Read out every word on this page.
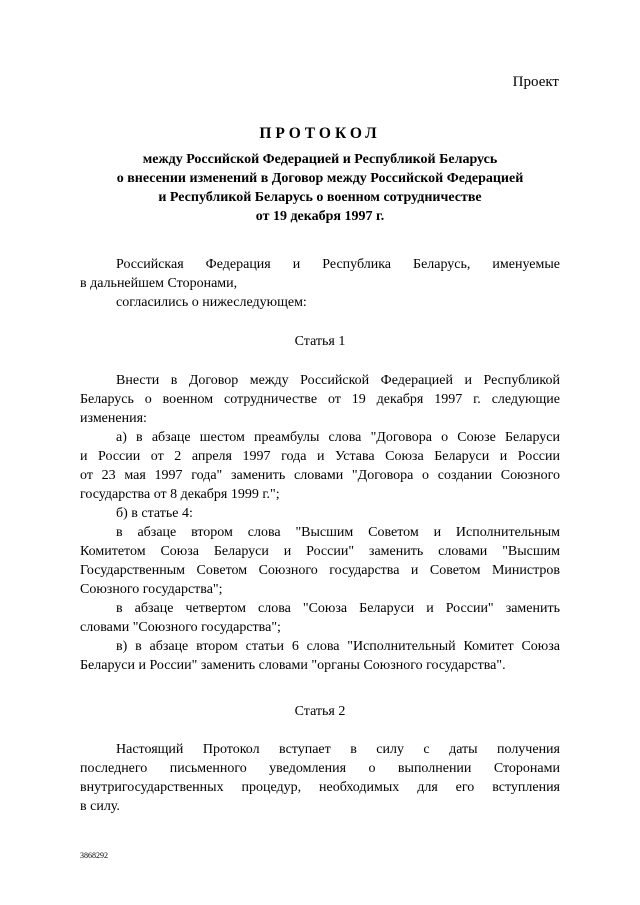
Проект
ПРОТОКОЛ
между Российской Федерацией и Республикой Беларусь
о внесении изменений в Договор между Российской Федерацией
и Республикой Беларусь о военном сотрудничестве
от 19 декабря 1997 г.
Российская Федерация и Республика Беларусь, именуемые
в дальнейшем Сторонами,
согласились о нижеследующем:
Статья 1
Внести в Договор между Российской Федерацией и Республикой
Беларусь о военном сотрудничестве от 19 декабря 1997 г. следующие
изменения:
а) в абзаце шестом преамбулы слова "Договора о Союзе Беларуси
и России от 2 апреля 1997 года и Устава Союза Беларуси и России
от 23 мая 1997 года" заменить словами "Договора о создании Союзного
государства от 8 декабря 1999 г.";
б) в статье 4:
в абзаце втором слова "Высшим Советом и Исполнительным
Комитетом Союза Беларуси и России" заменить словами "Высшим
Государственным Советом Союзного государства и Советом Министров
Союзного государства";
в абзаце четвертом слова "Союза Беларуси и России" заменить
словами "Союзного государства";
в) в абзаце втором статьи 6 слова "Исполнительный Комитет Союза
Беларуси и России" заменить словами "органы Союзного государства".
Статья 2
Настоящий Протокол вступает в силу с даты получения
последнего письменного уведомления о выполнении Сторонами
внутригосударственных процедур, необходимых для его вступления
в силу.
3868292
